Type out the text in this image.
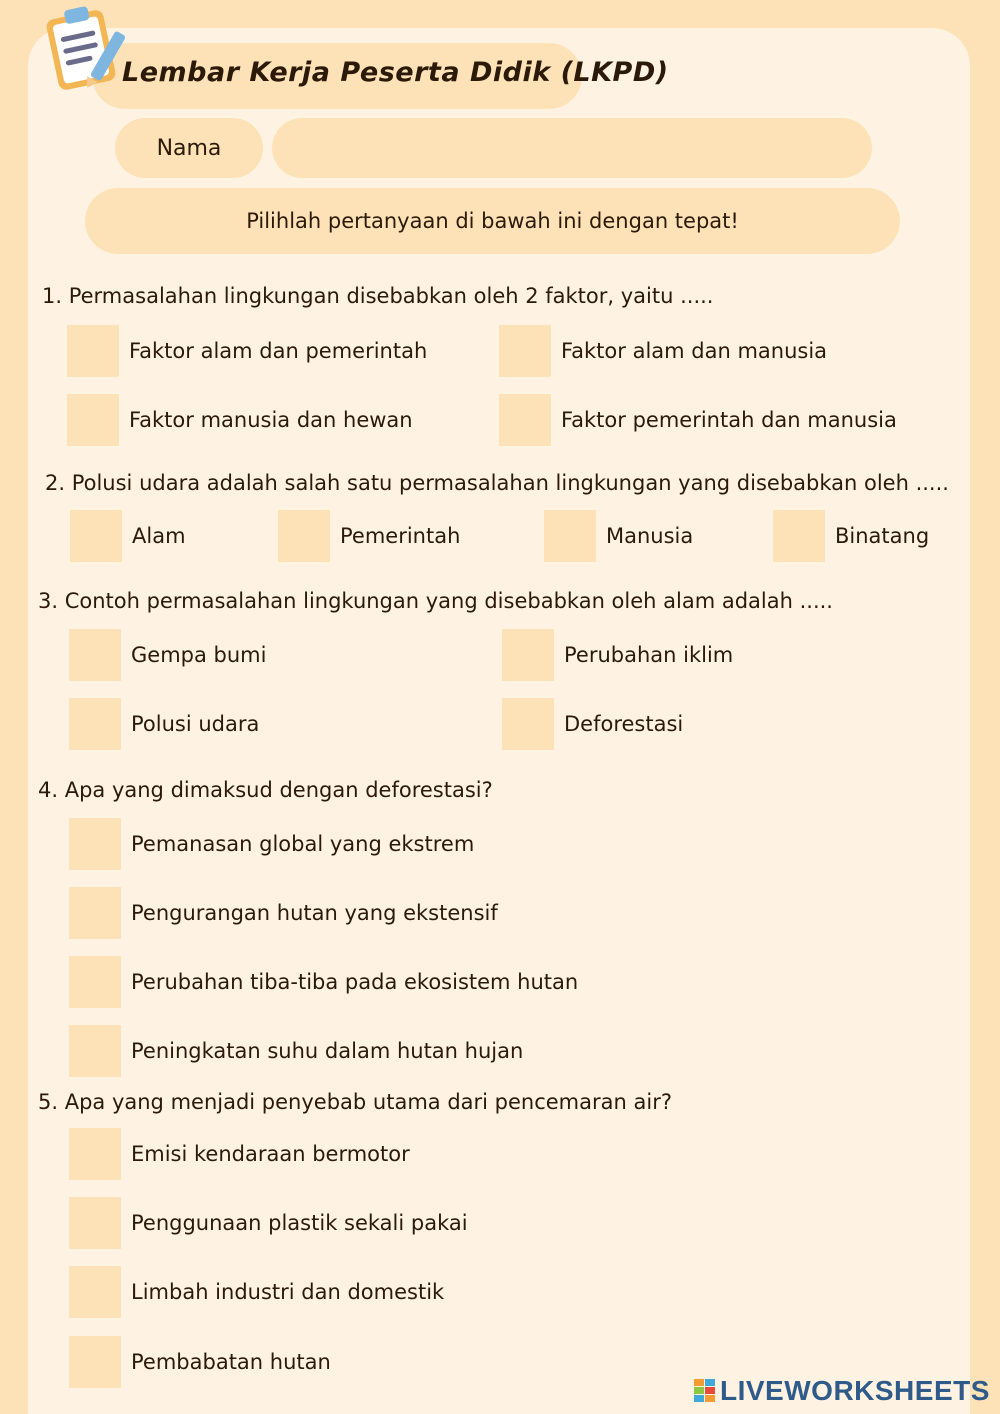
Lembar Kerja Peserta Didik (LKPD)
Nama
Pilihlah pertanyaan di bawah ini dengan tepat!
1. Permasalahan lingkungan disebabkan oleh 2 faktor, yaitu .....
Faktor alam dan pemerintah	Faktor alam dan manusia
Faktor manusia dan hewan	Faktor pemerintah dan manusia
2. Polusi udara adalah salah satu permasalahan lingkungan yang disebabkan oleh .....
Alam	Pemerintah	Manusia	Binatang
3. Contoh permasalahan lingkungan yang disebabkan oleh alam adalah .....
Gempa bumi	Perubahan iklim
Polusi udara	Deforestasi
4. Apa yang dimaksud dengan deforestasi?
Pemanasan global yang ekstrem
Pengurangan hutan yang ekstensif
Perubahan tiba-tiba pada ekosistem hutan
Peningkatan suhu dalam hutan hujan
5. Apa yang menjadi penyebab utama dari pencemaran air?
Emisi kendaraan bermotor
Penggunaan plastik sekali pakai
Limbah industri dan domestik
Pembabatan hutan
LIVEWORKSHEETS
